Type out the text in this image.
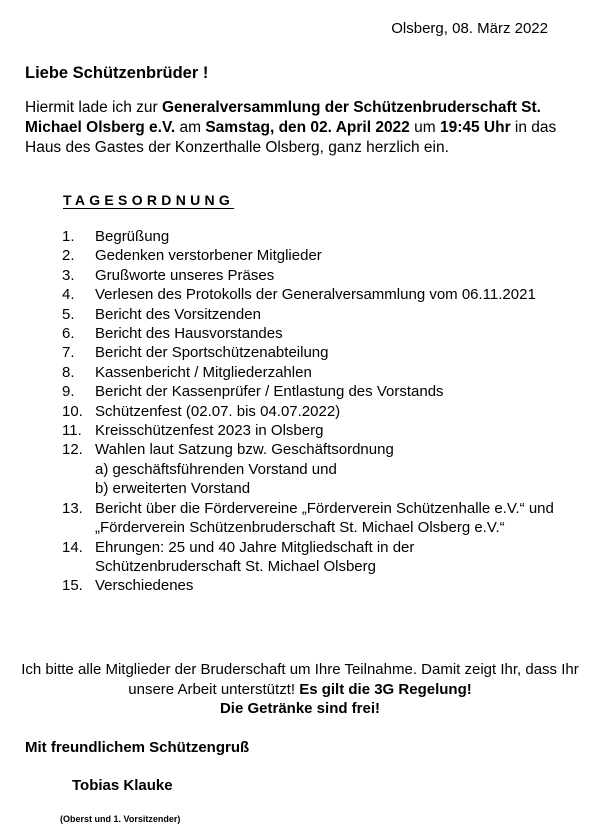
Olsberg, 08. März 2022
Liebe Schützenbrüder !
Hiermit lade ich zur Generalversammlung der Schützenbruderschaft St. Michael Olsberg e.V. am Samstag, den 02. April 2022 um 19:45 Uhr in das Haus des Gastes der Konzerthalle Olsberg, ganz herzlich ein.
TAGESORDNUNG
1.	Begrüßung
2.	Gedenken verstorbener Mitglieder
3.	Grußworte unseres Präses
4.	Verlesen des Protokolls der Generalversammlung vom 06.11.2021
5.	Bericht des Vorsitzenden
6.	Bericht des Hausvorstandes
7.	Bericht der Sportschützenabteilung
8.	Kassenbericht / Mitgliederzahlen
9.	Bericht der Kassenprüfer / Entlastung des Vorstands
10. Schützenfest (02.07. bis 04.07.2022)
11. Kreisschützenfest 2023 in Olsberg
12. Wahlen laut Satzung bzw. Geschäftsordnung
a) geschäftsführenden Vorstand und
b) erweiterten Vorstand
13. Bericht über die Fördervereine „Förderverein Schützenhalle e.V.“ und „Förderverein Schützenbruderschaft St. Michael Olsberg e.V.“
14. Ehrungen: 25 und 40 Jahre Mitgliedschaft in der Schützenbruderschaft St. Michael Olsberg
15. Verschiedenes
Ich bitte alle Mitglieder der Bruderschaft um Ihre Teilnahme. Damit zeigt Ihr, dass Ihr unsere Arbeit unterstützt! Es gilt die 3G Regelung!
Die Getränke sind frei!
Mit freundlichem Schützengruß
Tobias Klauke
(Oberst und 1. Vorsitzender)
